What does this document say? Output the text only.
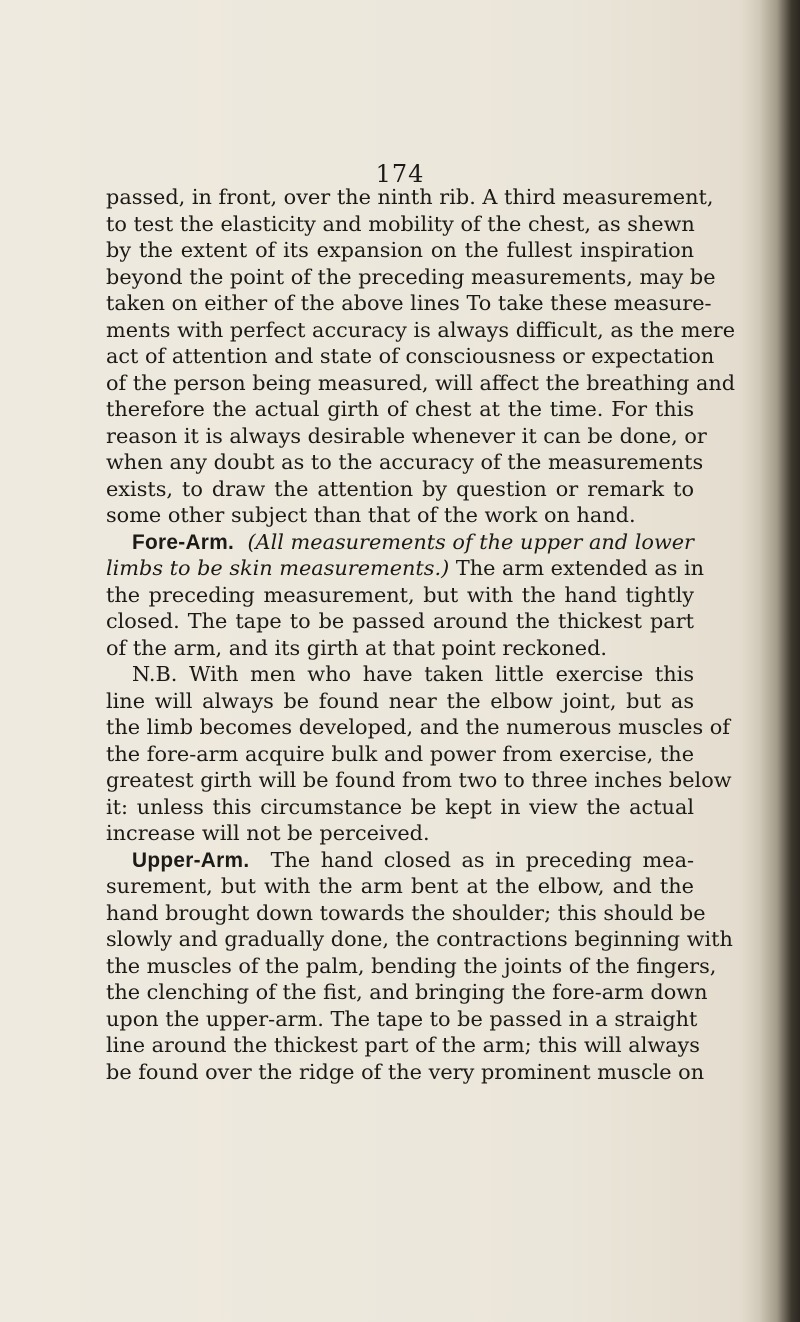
174
passed, in front, over the ninth rib. A third measurement,
to test the elasticity and mobility of the chest, as shewn
by the extent of its expansion on the fullest inspiration
beyond the point of the preceding measurements, may be
taken on either of the above lines To take these measure-
ments with perfect accuracy is always difficult, as the mere
act of attention and state of consciousness or expectation
of the person being measured, will affect the breathing and
therefore the actual girth of chest at the time. For this
reason it is always desirable whenever it can be done, or
when any doubt as to the accuracy of the measurements
exists, to draw the attention by question or remark to
some other subject than that of the work on hand.
Fore-Arm. (All measurements of the upper and lower
limbs to be skin measurements.) The arm extended as in
the preceding measurement, but with the hand tightly
closed. The tape to be passed around the thickest part
of the arm, and its girth at that point reckoned.
N.B. With men who have taken little exercise this
line will always be found near the elbow joint, but as
the limb becomes developed, and the numerous muscles of
the fore-arm acquire bulk and power from exercise, the
greatest girth will be found from two to three inches below
it: unless this circumstance be kept in view the actual
increase will not be perceived.
Upper-Arm. The hand closed as in preceding mea-
surement, but with the arm bent at the elbow, and the
hand brought down towards the shoulder; this should be
slowly and gradually done, the contractions beginning with
the muscles of the palm, bending the joints of the fingers,
the clenching of the fist, and bringing the fore-arm down
upon the upper-arm. The tape to be passed in a straight
line around the thickest part of the arm; this will always
be found over the ridge of the very prominent muscle on
